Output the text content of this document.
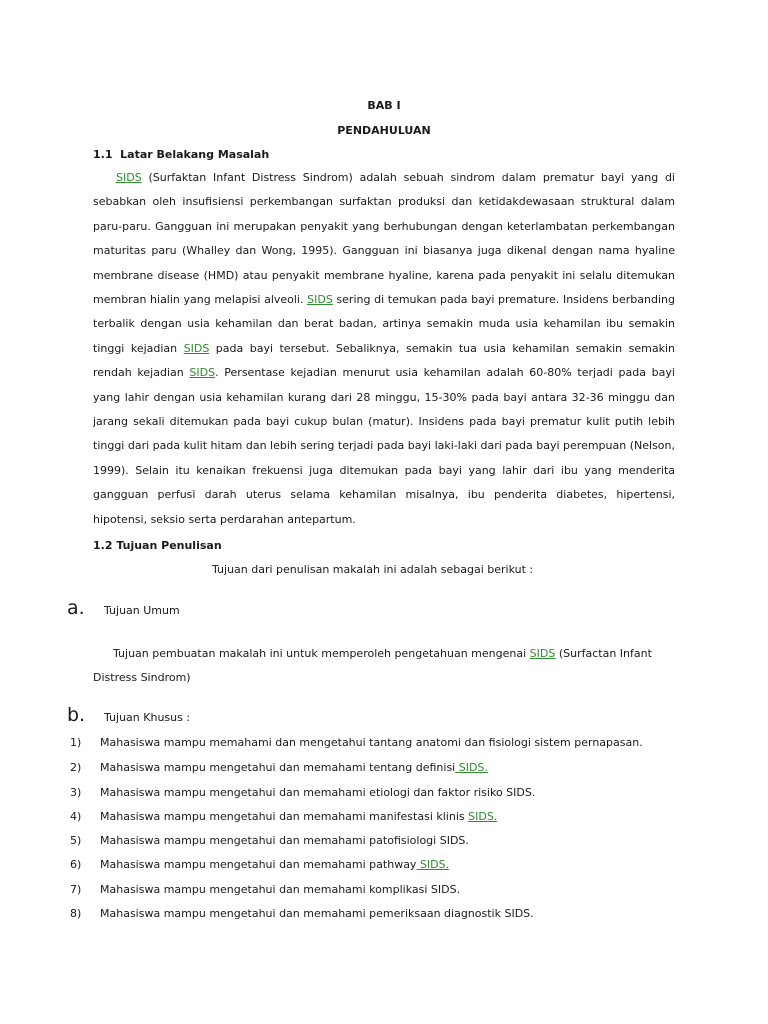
BAB I
PENDAHULUAN
1.1  Latar Belakang Masalah

SIDS (Surfaktan Infant Distress Sindrom) adalah sebuah sindrom dalam prematur bayi yang di sebabkan oleh insufisiensi perkembangan surfaktan produksi dan ketidakdewasaan struktural dalam paru-paru. Gangguan ini merupakan penyakit yang berhubungan dengan keterlambatan perkembangan maturitas paru (Whalley dan Wong, 1995). Gangguan ini biasanya juga dikenal dengan nama hyaline membrane disease (HMD) atau penyakit membrane hyaline, karena pada penyakit ini selalu ditemukan membran hialin yang melapisi alveoli. SIDS sering di temukan pada bayi premature. Insidens berbanding terbalik dengan usia kehamilan dan berat badan, artinya semakin muda usia kehamilan ibu semakin tinggi kejadian SIDS pada bayi tersebut. Sebaliknya, semakin tua usia kehamilan semakin semakin rendah kejadian SIDS. Persentase kejadian menurut usia kehamilan adalah 60-80% terjadi pada bayi yang lahir dengan usia kehamilan kurang dari 28 minggu, 15-30% pada bayi antara 32-36 minggu dan jarang sekali ditemukan pada bayi cukup bulan (matur). Insidens pada bayi prematur kulit putih lebih tinggi dari pada kulit hitam dan lebih sering terjadi pada bayi laki-laki dari pada bayi perempuan (Nelson, 1999). Selain itu kenaikan frekuensi juga ditemukan pada bayi yang lahir dari ibu yang menderita gangguan perfusi darah uterus selama kehamilan misalnya, ibu penderita diabetes, hipertensi, hipotensi, seksio serta perdarahan antepartum.

1.2 Tujuan Penulisan
Tujuan dari penulisan makalah ini adalah sebagai berikut :
a. Tujuan Umum
Tujuan pembuatan makalah ini untuk memperoleh pengetahuan mengenai SIDS (Surfactan Infant
Distress Sindrom)
b. Tujuan Khusus :
1) Mahasiswa mampu memahami dan mengetahui tantang anatomi dan fisiologi sistem pernapasan.
2) Mahasiswa mampu mengetahui dan memahami tentang definisi SIDS.
3) Mahasiswa mampu mengetahui dan memahami etiologi dan faktor risiko SIDS.
4) Mahasiswa mampu mengetahui dan memahami manifestasi klinis SIDS.
5) Mahasiswa mampu mengetahui dan memahami patofisiologi SIDS.
6) Mahasiswa mampu mengetahui dan memahami pathway SIDS.
7) Mahasiswa mampu mengetahui dan memahami komplikasi SIDS.
8) Mahasiswa mampu mengetahui dan memahami pemeriksaan diagnostik SIDS.
